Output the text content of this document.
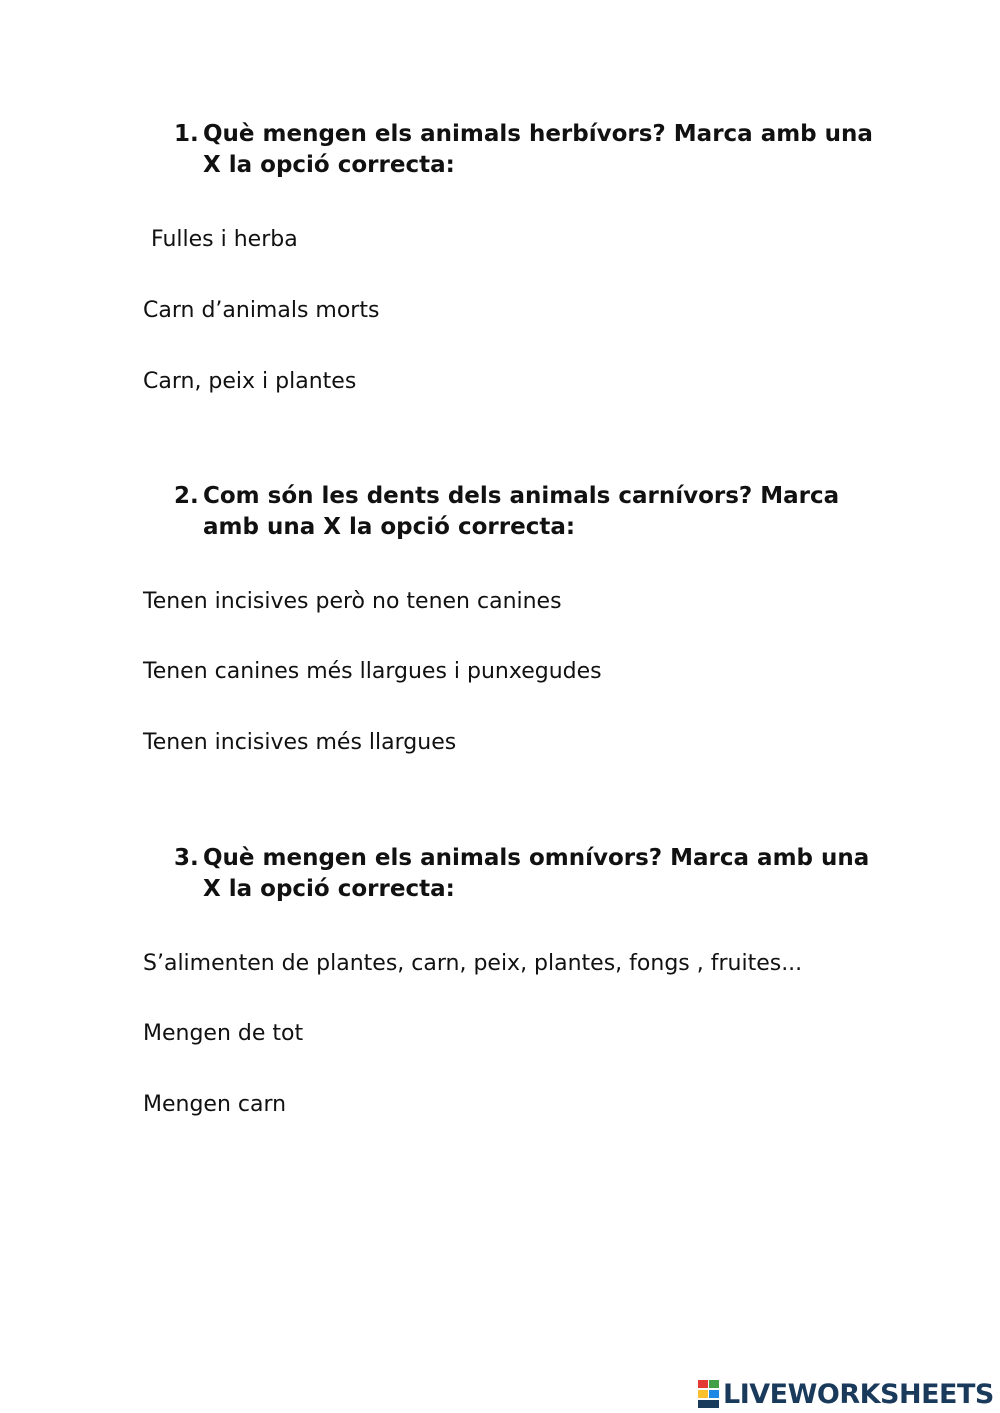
1. Què mengen els animals herbívors? Marca amb una X la opció correcta:
Fulles i herba
Carn d’animals morts
Carn, peix i plantes
2. Com són les dents dels animals carnívors? Marca amb una X la opció correcta:
Tenen incisives però no tenen canines
Tenen canines més llargues i punxegudes
Tenen incisives més llargues
3. Què mengen els animals omnívors? Marca amb una X la opció correcta:
S’alimenten de plantes, carn, peix, plantes, fongs , fruites...
Mengen de tot
Mengen carn
LIVEWORKSHEETS
